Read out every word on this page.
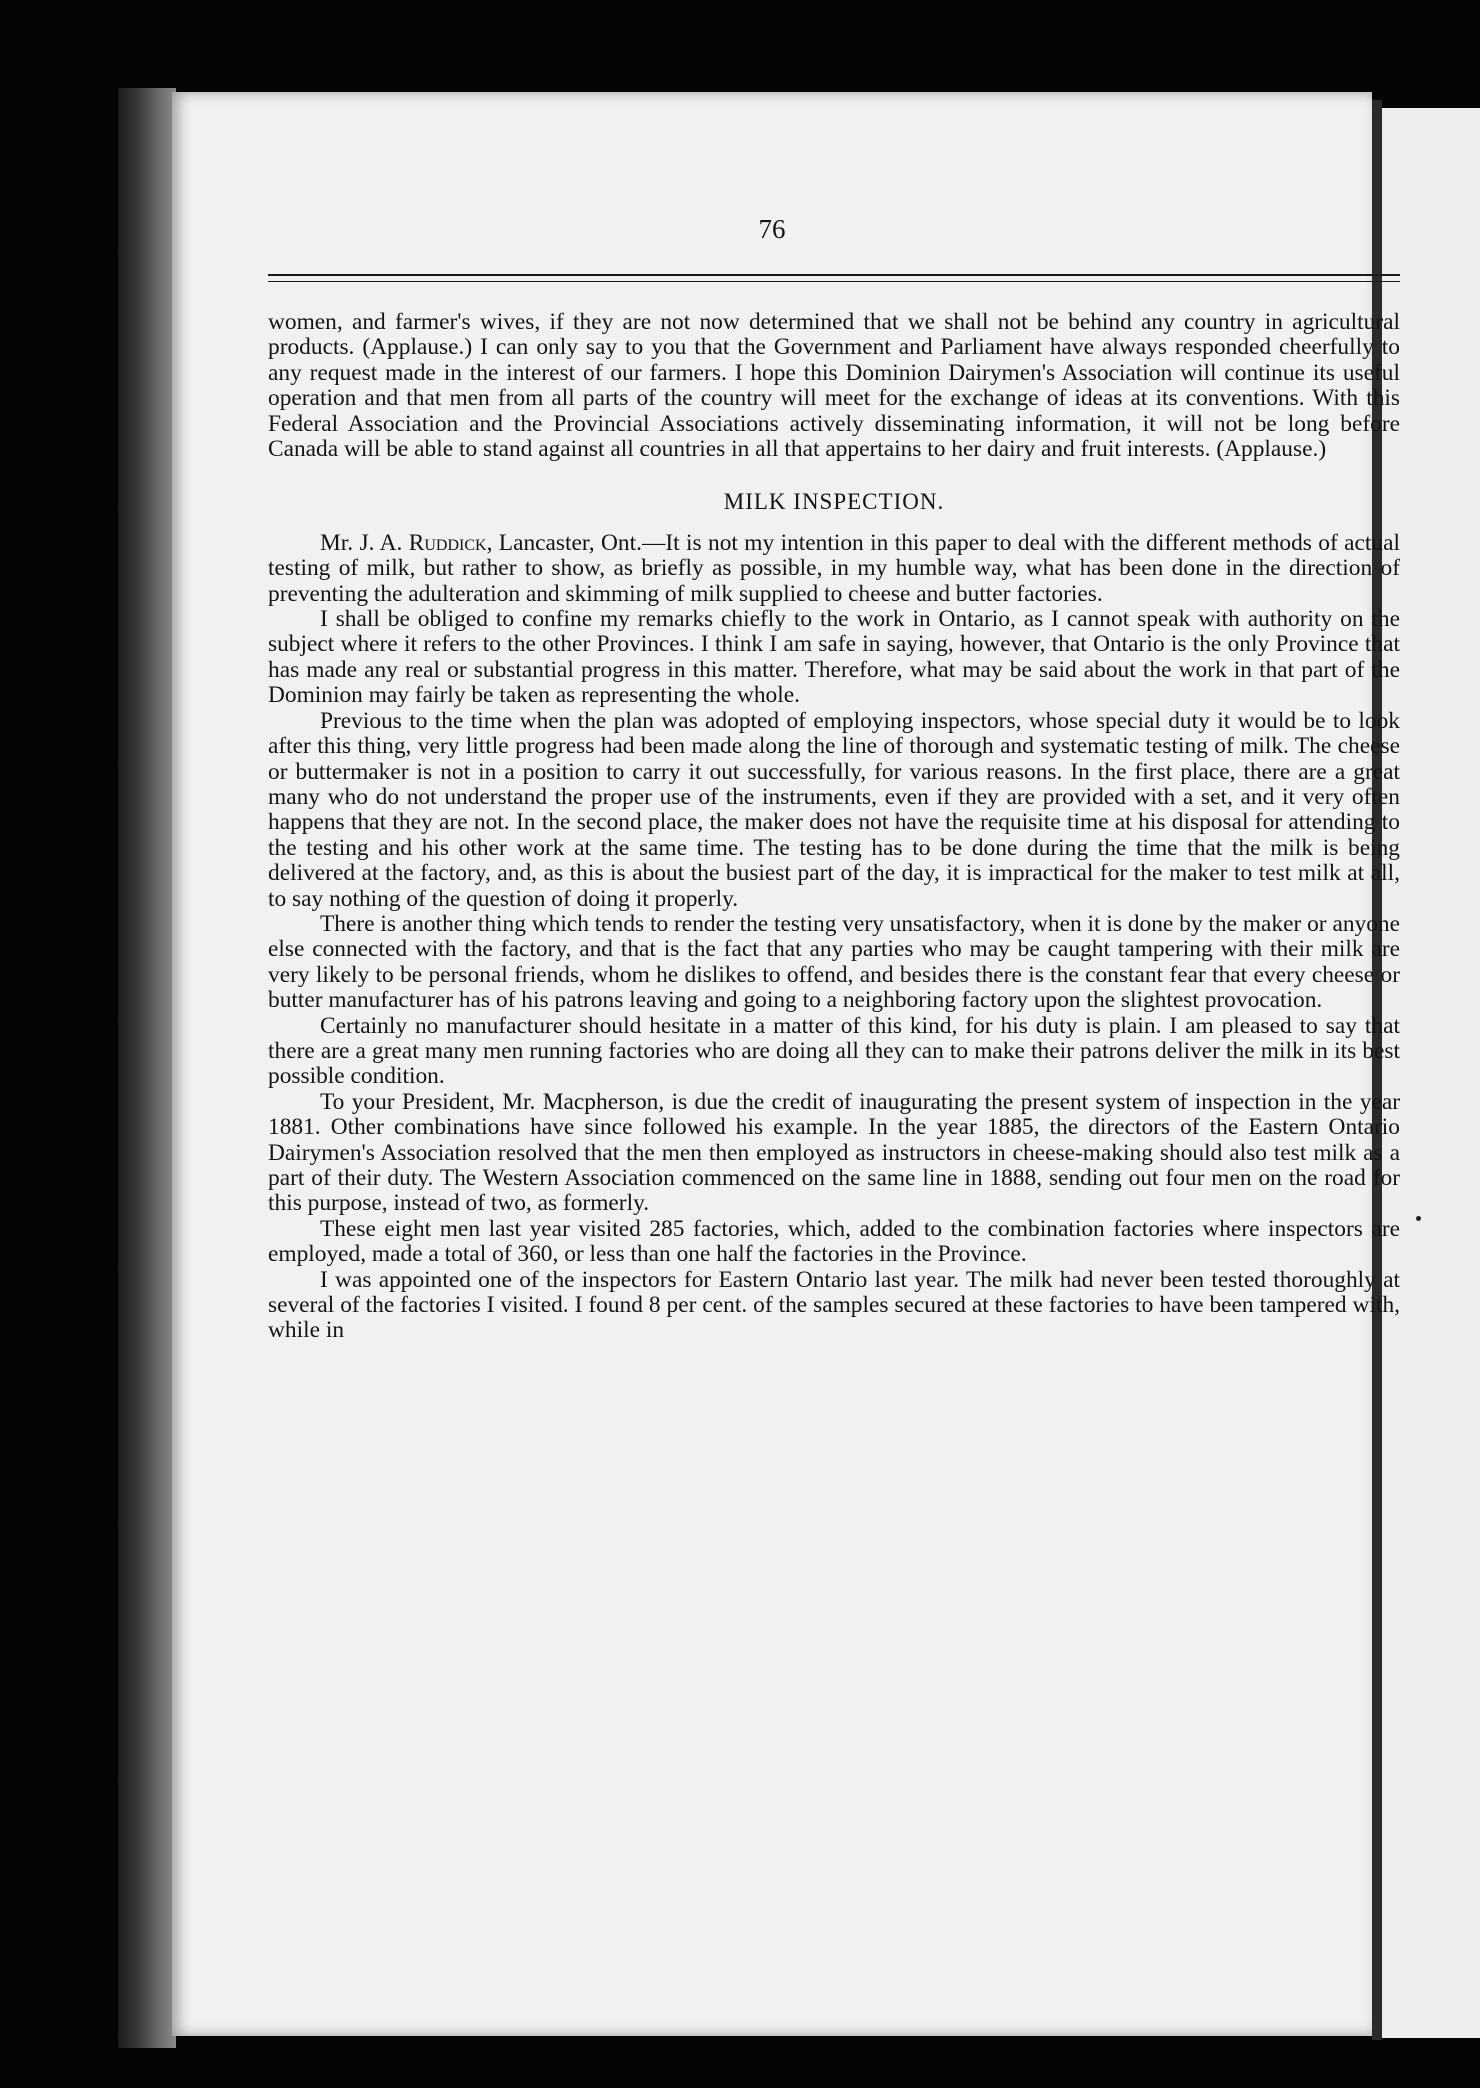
76

women, and farmer's wives, if they are not now determined that we shall not be behind any country in agricultural products. (Applause.) I can only say to you that the Government and Parliament have always responded cheerfully to any request made in the interest of our farmers. I hope this Dominion Dairymen's Association will continue its useful operation and that men from all parts of the country will meet for the exchange of ideas at its conventions. With this Federal Association and the Provincial Associations actively disseminating information, it will not be long before Canada will be able to stand against all countries in all that appertains to her dairy and fruit interests. (Applause.)

MILK INSPECTION.

Mr. J. A. Ruddick, Lancaster, Ont.—It is not my intention in this paper to deal with the different methods of actual testing of milk, but rather to show, as briefly as possible, in my humble way, what has been done in the direction of preventing the adulteration and skimming of milk supplied to cheese and butter factories.

I shall be obliged to confine my remarks chiefly to the work in Ontario, as I cannot speak with authority on the subject where it refers to the other Provinces. I think I am safe in saying, however, that Ontario is the only Province that has made any real or substantial progress in this matter. Therefore, what may be said about the work in that part of the Dominion may fairly be taken as representing the whole.

Previous to the time when the plan was adopted of employing inspectors, whose special duty it would be to look after this thing, very little progress had been made along the line of thorough and systematic testing of milk. The cheese or buttermaker is not in a position to carry it out successfully, for various reasons. In the first place, there are a great many who do not understand the proper use of the instruments, even if they are provided with a set, and it very often happens that they are not. In the second place, the maker does not have the requisite time at his disposal for attending to the testing and his other work at the same time. The testing has to be done during the time that the milk is being delivered at the factory, and, as this is about the busiest part of the day, it is impractical for the maker to test milk at all, to say nothing of the question of doing it properly.

There is another thing which tends to render the testing very unsatisfactory, when it is done by the maker or anyone else connected with the factory, and that is the fact that any parties who may be caught tampering with their milk are very likely to be personal friends, whom he dislikes to offend, and besides there is the constant fear that every cheese or butter manufacturer has of his patrons leaving and going to a neighboring factory upon the slightest provocation.

Certainly no manufacturer should hesitate in a matter of this kind, for his duty is plain. I am pleased to say that there are a great many men running factories who are doing all they can to make their patrons deliver the milk in its best possible condition.

To your President, Mr. Macpherson, is due the credit of inaugurating the present system of inspection in the year 1881. Other combinations have since followed his example. In the year 1885, the directors of the Eastern Ontario Dairymen's Association resolved that the men then employed as instructors in cheese-making should also test milk as a part of their duty. The Western Association commenced on the same line in 1888, sending out four men on the road for this purpose, instead of two, as formerly.

These eight men last year visited 285 factories, which, added to the combination factories where inspectors are employed, made a total of 360, or less than one half the factories in the Province.

I was appointed one of the inspectors for Eastern Ontario last year. The milk had never been tested thoroughly at several of the factories I visited. I found 8 per cent. of the samples secured at these factories to have been tampered with, while in
